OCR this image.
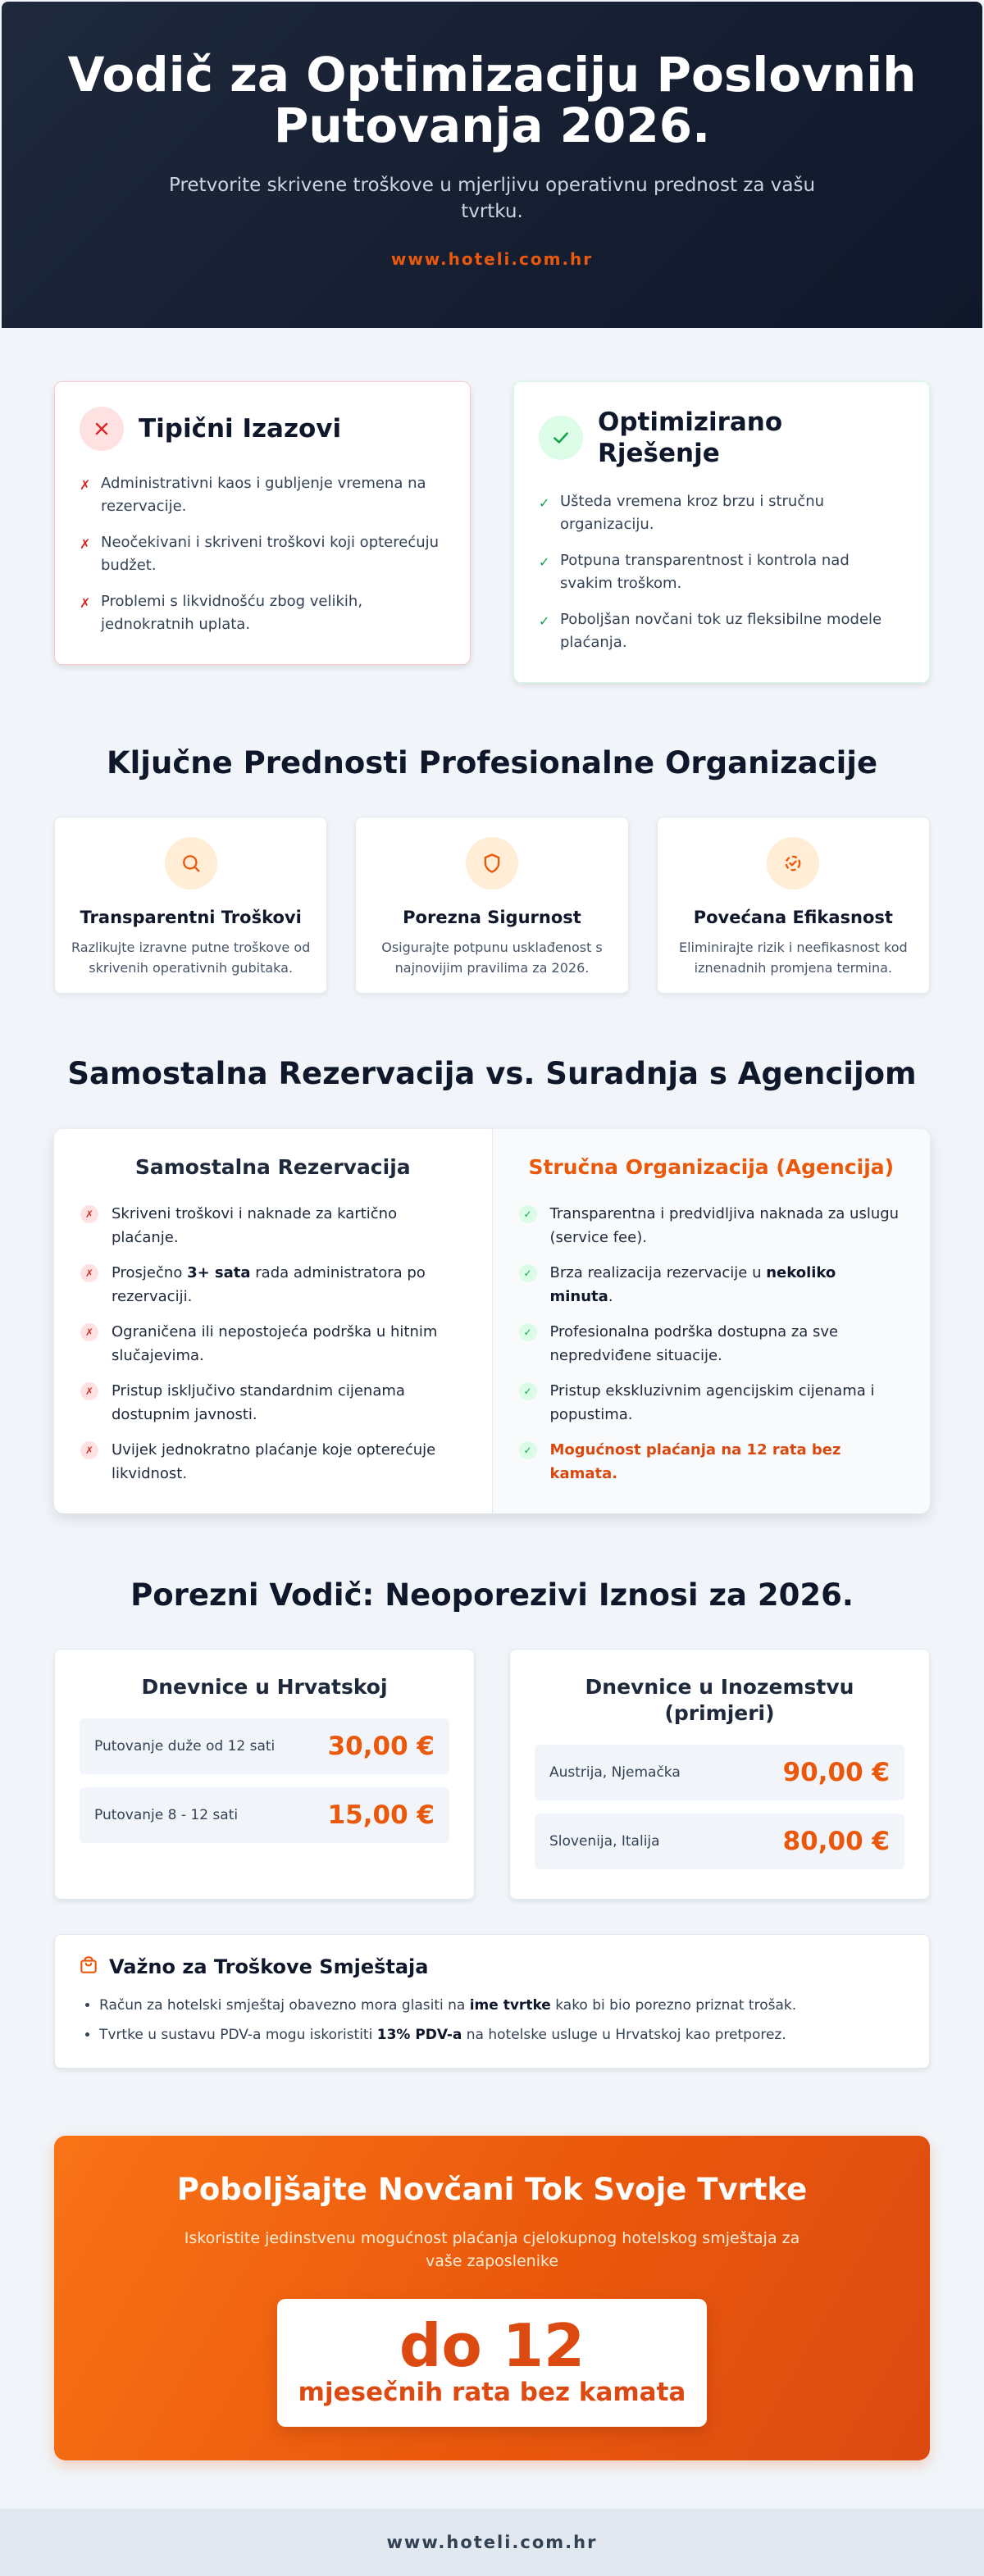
Vodič za Optimizaciju Poslovnih Putovanja 2026.

Pretvorite skrivene troškove u mjerljivu operativnu prednost za vašu tvrtku.

www.hoteli.com.hr
Tipični Izazovi
✗ Administrativni kaos i gubljenje vremena na rezervacije.
✗ Neočekivani i skriveni troškovi koji opterećuju budžet.
✗ Problemi s likvidnošću zbog velikih, jednokratnih uplata.
Optimizirano Rješenje
✓ Ušteda vremena kroz brzu i stručnu organizaciju.
✓ Potpuna transparentnost i kontrola nad svakim troškom.
✓ Poboljšan novčani tok uz fleksibilne modele plaćanja.
Ključne Prednosti Profesionalne Organizacije
Transparentni Troškovi

Razlikujte izravne putne troškove od skrivenih operativnih gubitaka.

Porezna Sigurnost

Osigurajte potpunu usklađenost s najnovijim pravilima za 2026.

Povećana Efikasnost

Eliminirajte rizik i neefikasnost kod iznenadnih promjena termina.

Samostalna Rezervacija vs. Suradnja s Agencijom
Samostalna Rezervacija
✗	Skriveni troškovi i naknade za kartično plaćanje.
✗	Prosječno 3+ sata rada administratora po rezervaciji.
✗	Ograničena ili nepostojeća podrška u hitnim slučajevima.
✗	Pristup isključivo standardnim cijenama dostupnim javnosti.
✗	Uvijek jednokratno plaćanje koje opterećuje likvidnost.
Stručna Organizacija (Agencija)
✓	Transparentna i predvidljiva naknada za uslugu (service fee).
✓	Brza realizacija rezervacije u nekoliko minuta.
✓	Profesionalna podrška dostupna za sve nepredviđene situacije.
✓	Pristup ekskluzivnim agencijskim cijenama i popustima.
✓	Mogućnost plaćanja na 12 rata bez kamata.
Porezni Vodič: Neoporezivi Iznosi za 2026.
Dnevnice u Hrvatskoj
Putovanje duže od 12 sati 30,00 €
Putovanje 8 - 12 sati	15,00 €
Dnevnice u Inozemstvu (primjeri)
Austrija, Njemačka	90,00 €
Slovenija, Italija	80,00 €
Važno za Troškove Smještaja
• Račun za hotelski smještaj obavezno mora glasiti na ime tvrtke kako bi bio porezno priznat trošak.
• Tvrtke u sustavu PDV-a mogu iskoristiti 13% PDV-a na hotelske usluge u Hrvatskoj kao pretporez.
Poboljšajte Novčani Tok Svoje Tvrtke

Iskoristite jedinstvenu mogućnost plaćanja cjelokupnog hotelskog smještaja za vaše zaposlenike

do 12
mjesečnih rata bez kamata
www.hoteli.com.hr
